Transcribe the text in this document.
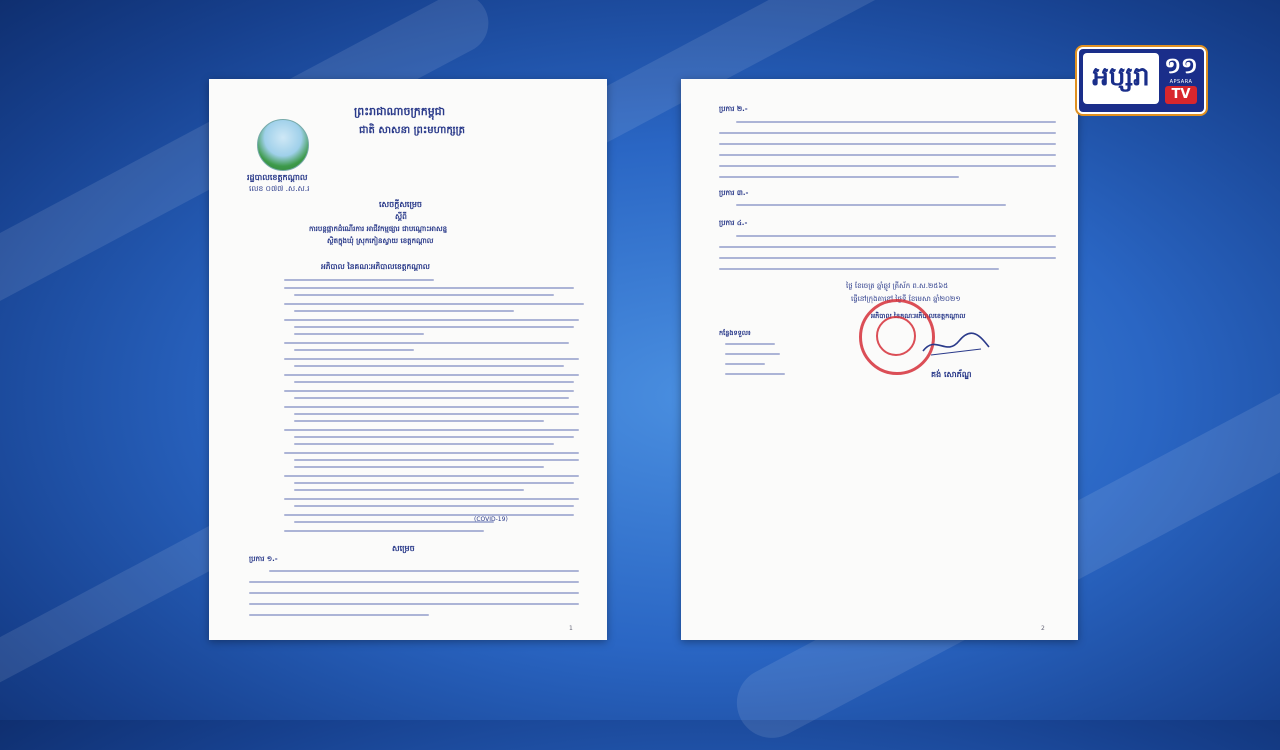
ព្រះរាជាណាចក្រកម្ពុជា
ជាតិ សាសនា ព្រះមហាក្សត្រ
រដ្ឋបាលខេត្តកណ្ដាល
លេខ ០៧៧ .ស.ស.រ
សេចក្តីសម្រេច
ស្តីពី
ការបន្តផ្អាកដំណើរការ អាជីវកម្មផ្សារ ជាបណ្តោះអាសន្ន
ស្ថិតក្នុងឃុំ ស្រុកកៀនស្វាយ ខេត្តកណ្ដាល
អភិបាល នៃគណៈអភិបាលខេត្តកណ្ដាល
(COVID-19)
សម្រេច
ប្រការ ១.-
1
ប្រការ ២.-
ប្រការ ៣.-
ប្រការ ៤.-
ថ្ងៃ ខែចេត្រ ឆ្នាំឆ្លូវ ត្រីស័ក ព.ស.២៥៦៥
ធ្វើនៅក្រុងតាខ្មៅ ថ្ងៃទី ខែមេសា ឆ្នាំ២០២១
អភិបាល នៃគណៈអភិបាលខេត្តកណ្ដាល
កន្លែងទទួល៖
គង់ សោភ័ណ្ឌ
2
អប្សរា ១១
APSARA
TV
